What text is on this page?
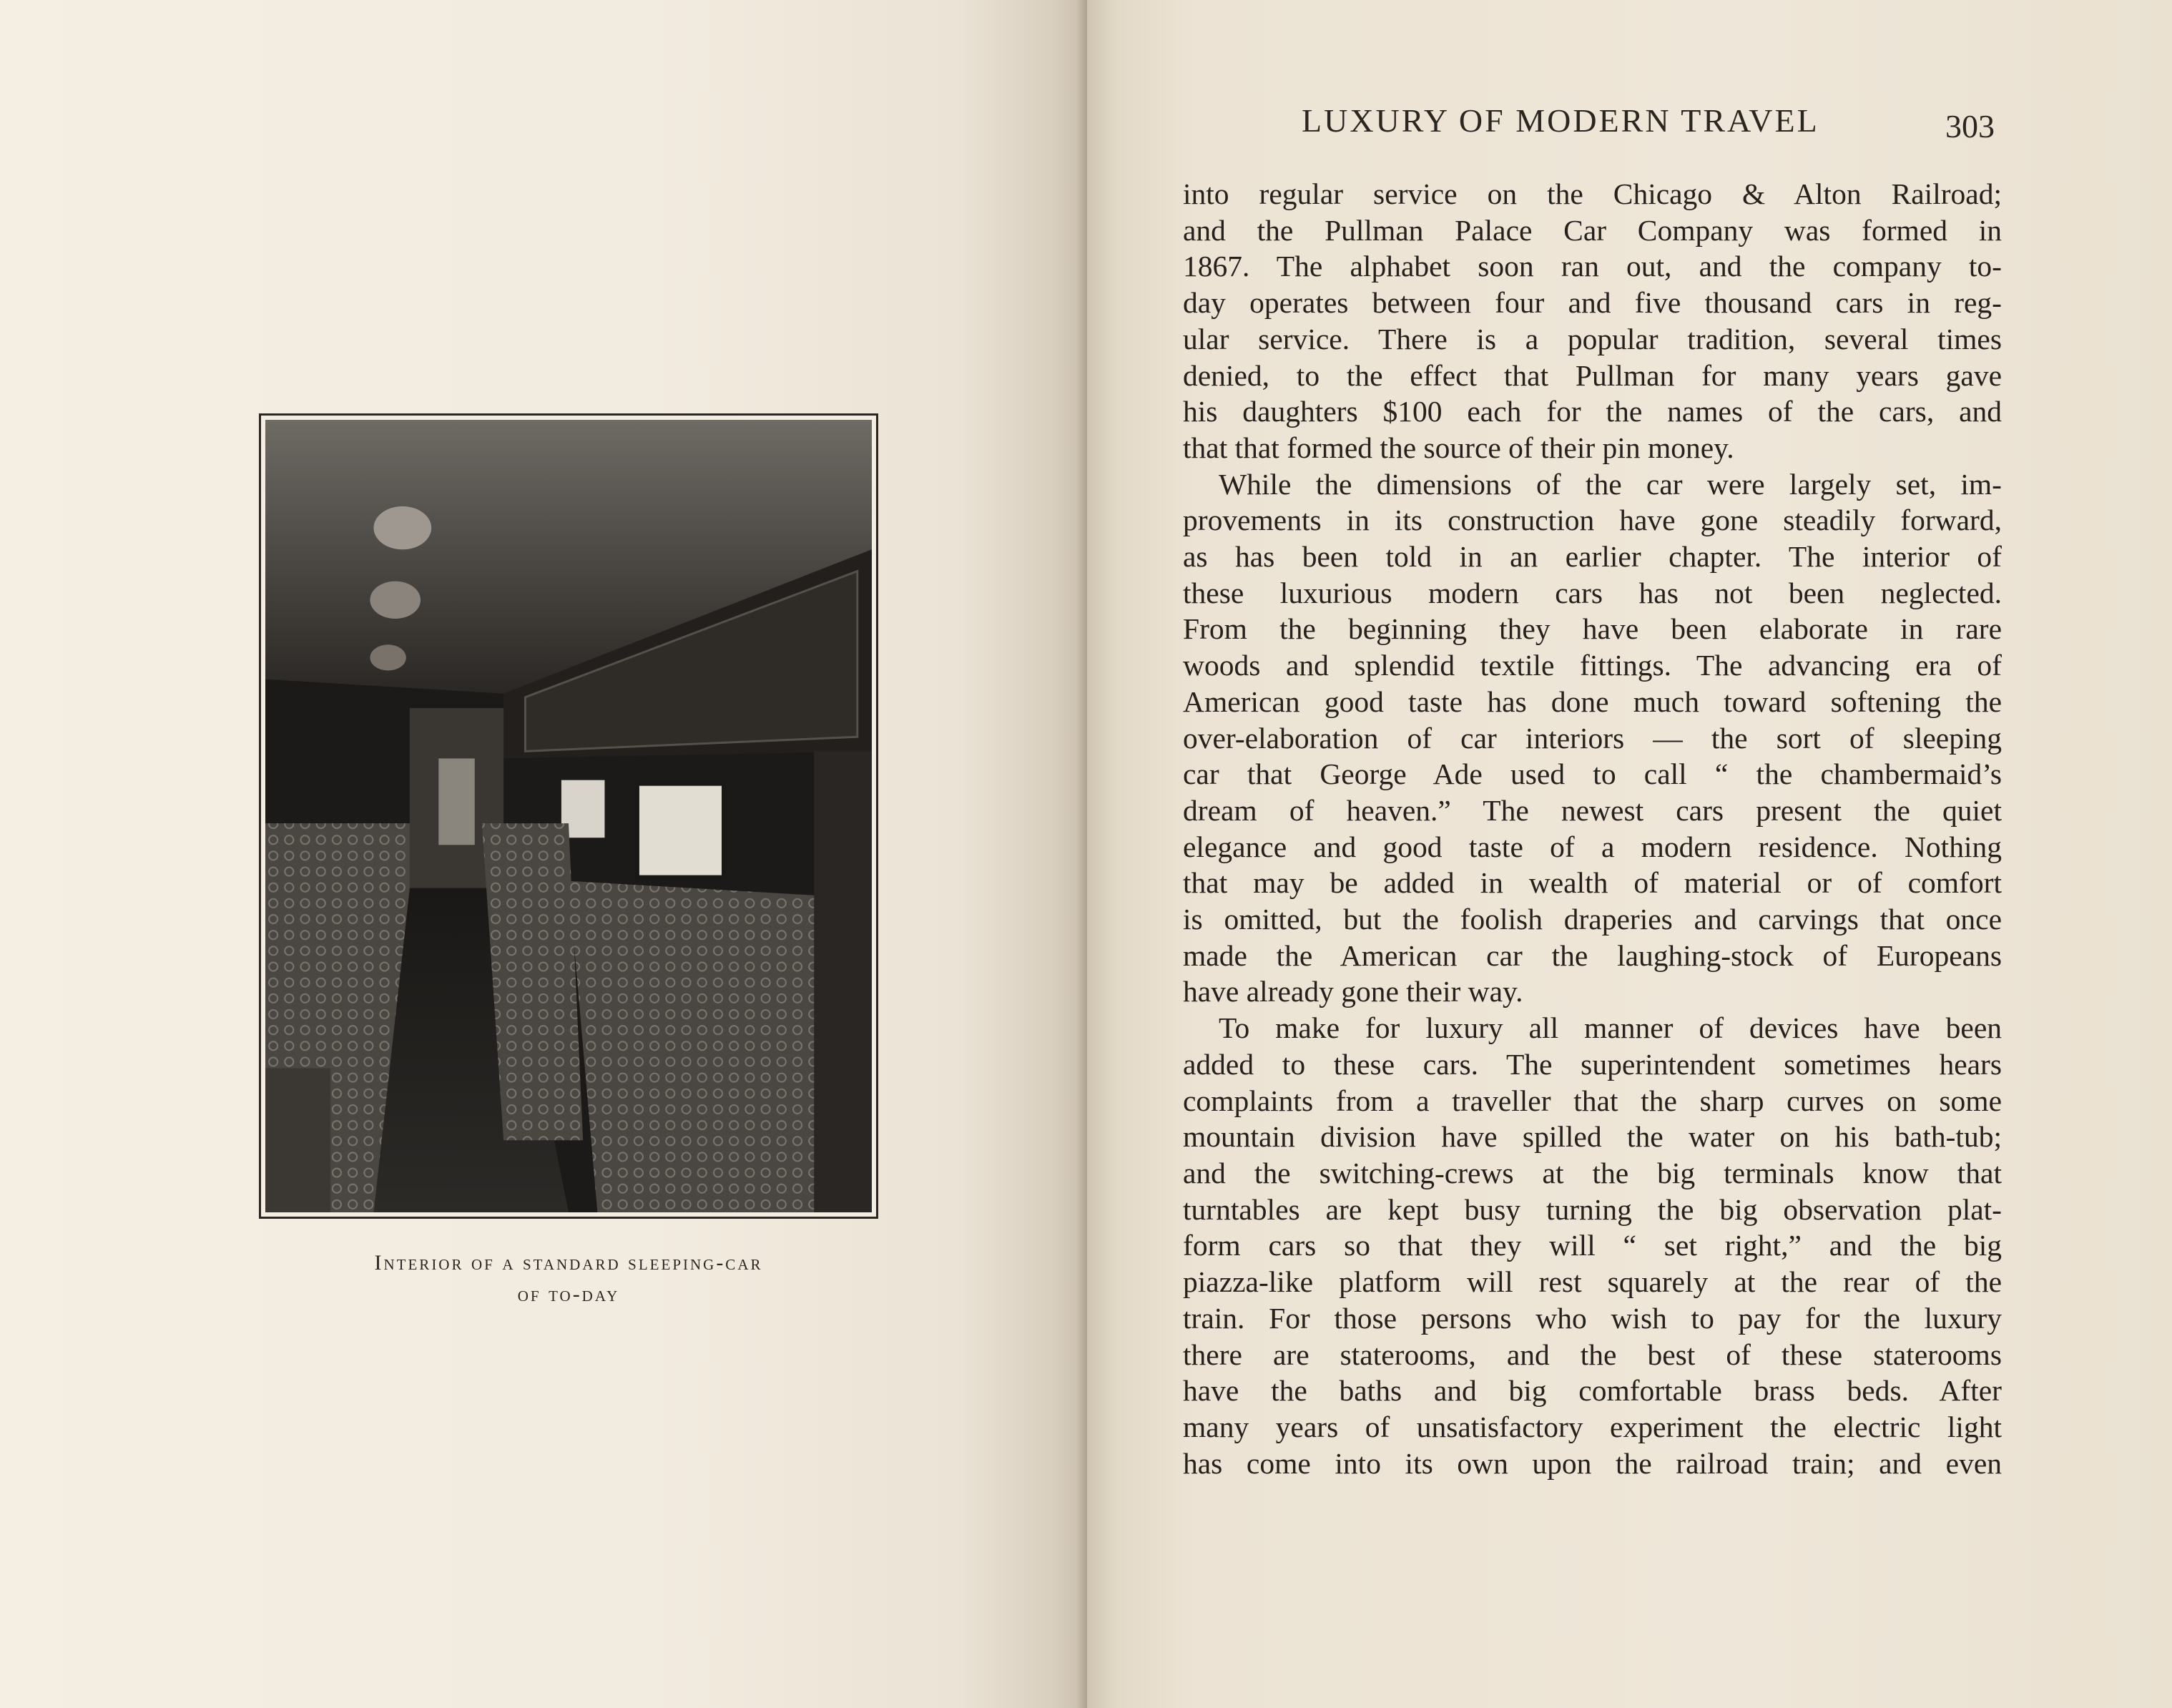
Interior of a standard sleeping-car
of to-day
LUXURY OF MODERN TRAVEL	303
into regular service on the Chicago & Alton Railroad;
and the Pullman Palace Car Company was formed in
1867. The alphabet soon ran out, and the company to-
day operates between four and five thousand cars in reg-
ular service. There is a popular tradition, several times
denied, to the effect that Pullman for many years gave
his daughters $100 each for the names of the cars, and
that that formed the source of their pin money.
While the dimensions of the car were largely set, im-
provements in its construction have gone steadily forward,
as has been told in an earlier chapter. The interior of
these luxurious modern cars has not been neglected.
From the beginning they have been elaborate in rare
woods and splendid textile fittings. The advancing era of
American good taste has done much toward softening the
over-elaboration of car interiors — the sort of sleeping
car that George Ade used to call “ the chambermaid’s
dream of heaven.” The newest cars present the quiet
elegance and good taste of a modern residence. Nothing
that may be added in wealth of material or of comfort
is omitted, but the foolish draperies and carvings that once
made the American car the laughing-stock of Europeans
have already gone their way.
To make for luxury all manner of devices have been
added to these cars. The superintendent sometimes hears
complaints from a traveller that the sharp curves on some
mountain division have spilled the water on his bath-tub;
and the switching-crews at the big terminals know that
turntables are kept busy turning the big observation plat-
form cars so that they will “ set right,” and the big
piazza-like platform will rest squarely at the rear of the
train. For those persons who wish to pay for the luxury
there are staterooms, and the best of these staterooms
have the baths and big comfortable brass beds. After
many years of unsatisfactory experiment the electric light
has come into its own upon the railroad train; and even
